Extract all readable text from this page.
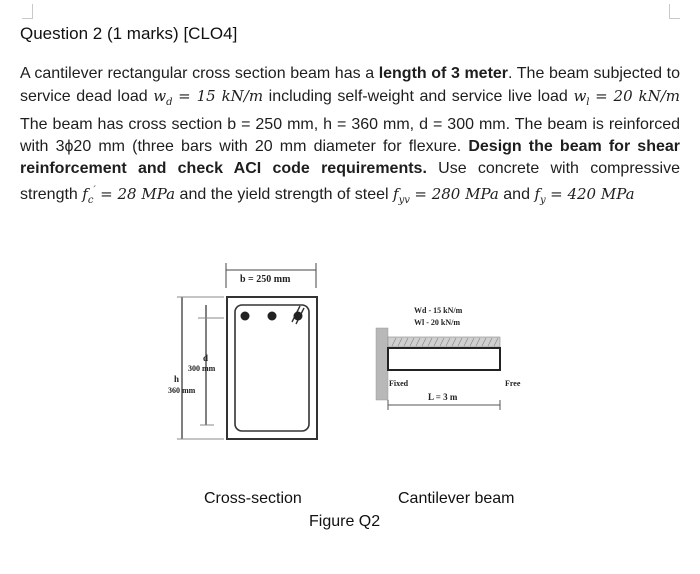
Question 2 (1 marks) [CLO4]
A cantilever rectangular cross section beam has a length of 3 meter. The beam subjected to service dead load $w_d = 15$ kN/m including self-weight and service live load $w_l = 20$ kN/m The beam has cross section b = 250 mm, h = 360 mm, d = 300 mm. The beam is reinforced with 3ϕ20 mm (three bars with 20 mm diameter for flexure. Design the beam for shear reinforcement and check ACI code requirements. Use concrete with compressive strength $f_c' = 28$ MPa and the yield strength of steel $f_{yv} = 280$ MPa and $f_y = 420$ MPa
b = 250 mm
d
300 mm
h
360 mm
Wd - 15 kN/m
Wl - 20 kN/m
Fixed	Free
L = 3 m
Cross-section	Cantilever beam
Figure Q2
